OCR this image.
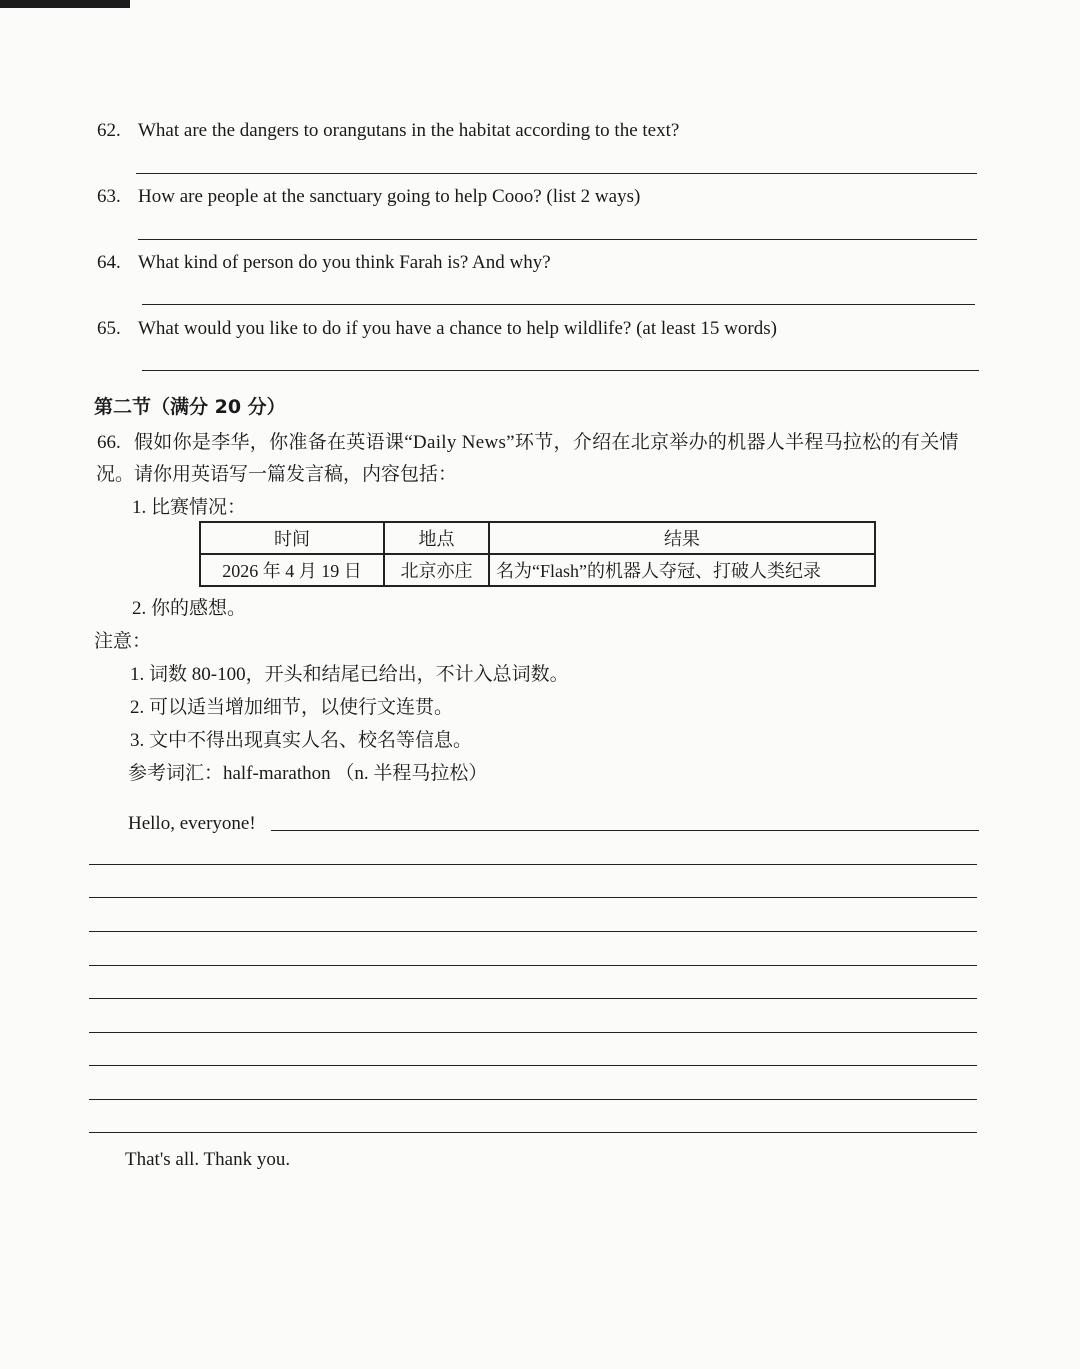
62. What are the dangers to orangutans in the habitat according to the text?
63. How are people at the sanctuary going to help Cooo? (list 2 ways)
64. What kind of person do you think Farah is? And why?
65. What would you like to do if you have a chance to help wildlife? (at least 15 words)
第二节（满分 20 分）
66. 假如你是李华，你准备在英语课“Daily News”环节，介绍在北京举办的机器人半程马拉松的有关情
况。请你用英语写一篇发言稿，内容包括：
1. 比赛情况：
时间	地点	结果
2026 年 4 月 19 日	北京亦庄	名为“Flash”的机器人夺冠、打破人类纪录
2. 你的感想。
注意：
1. 词数 80-100，开头和结尾已给出，不计入总词数。
2. 可以适当增加细节，以使行文连贯。
3. 文中不得出现真实人名、校名等信息。
参考词汇：half-marathon （n. 半程马拉松）
Hello, everyone!
That's all. Thank you.
